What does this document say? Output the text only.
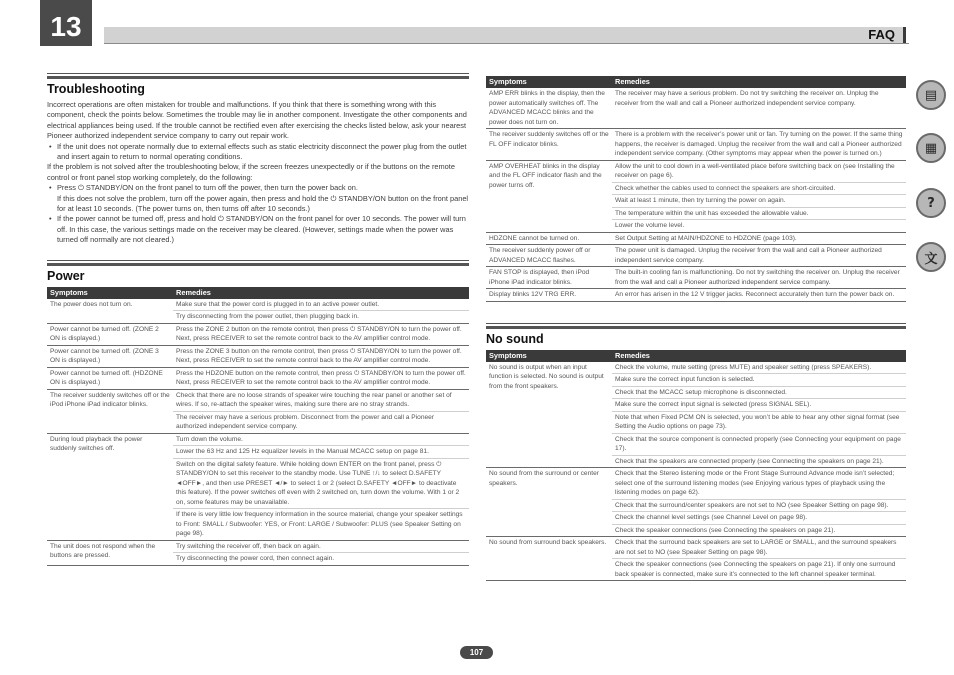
13	FAQ
Troubleshooting
Incorrect operations are often mistaken for trouble and malfunctions. If you think that there is something wrong with this component, check the points below. Sometimes the trouble may lie in another component. Investigate the other components and electrical appliances being used. If the trouble cannot be rectified even after exercising the checks listed below, ask your nearest Pioneer authorized independent service company to carry out repair work.
• If the unit does not operate normally due to external effects such as static electricity disconnect the power plug from the outlet and insert again to return to normal operating conditions.
If the problem is not solved after the troubleshooting below, if the screen freezes unexpectedly or if the buttons on the remote control or front panel stop working completely, do the following:
• Press ⏻ STANDBY/ON on the front panel to turn off the power, then turn the power back on.
If this does not solve the problem, turn off the power again, then press and hold the ⏻ STANDBY/ON button on the front panel for at least 10 seconds. (The power turns on, then turns off after 10 seconds.)
• If the power cannot be turned off, press and hold ⏻ STANDBY/ON on the front panel for over 10 seconds. The power will turn off. In this case, the various settings made on the receiver may be cleared. (However, settings made when the power was turned off normally are not cleared.)
Power
Symptoms	Remedies
The power does not turn on.	Make sure that the power cord is plugged in to an active power outlet.
	Try disconnecting from the power outlet, then plugging back in.
Power cannot be turned off. (ZONE 2 ON is displayed.)	Press the ZONE 2 button on the remote control, then press ⏻ STANDBY/ON to turn the power off. Next, press RECEIVER to set the remote control back to the AV amplifier control mode.
Power cannot be turned off. (ZONE 3 ON is displayed.)	Press the ZONE 3 button on the remote control, then press ⏻ STANDBY/ON to turn the power off. Next, press RECEIVER to set the remote control back to the AV amplifier control mode.
Power cannot be turned off. (HDZONE ON is displayed.)	Press the HDZONE button on the remote control, then press ⏻ STANDBY/ON to turn the power off. Next, press RECEIVER to set the remote control back to the AV amplifier control mode.
The receiver suddenly switches off or the iPod iPhone iPad indicator blinks.	Check that there are no loose strands of speaker wire touching the rear panel or another set of wires. If so, re-attach the speaker wires, making sure there are no stray strands.
	The receiver may have a serious problem. Disconnect from the power and call a Pioneer authorized independent service company.
During loud playback the power suddenly switches off.	Turn down the volume.
	Lower the 63 Hz and 125 Hz equalizer levels in the Manual MCACC setup on page 81.
	Switch on the digital safety feature. While holding down ENTER on the front panel, press ⏻ STANDBY/ON to set this receiver to the standby mode. Use TUNE ↑/↓ to select D.SAFETY ◄OFF►, and then use PRESET ◄/► to select 1 or 2 (select D.SAFETY ◄OFF► to deactivate this feature). If the power switches off even with 2 switched on, turn down the volume. With 1 or 2 on, some features may be unavailable.
	If there is very little low frequency information in the source material, change your speaker settings to Front: SMALL / Subwoofer: YES, or Front: LARGE / Subwoofer: PLUS (see Speaker Setting on page 98).
The unit does not respond when the buttons are pressed.	Try switching the receiver off, then back on again.
	Try disconnecting the power cord, then connect again.
Symptoms	Remedies
AMP ERR blinks in the display, then the power automatically switches off. The ADVANCED MCACC blinks and the power does not turn on.	The receiver may have a serious problem. Do not try switching the receiver on. Unplug the receiver from the wall and call a Pioneer authorized independent service company.
The receiver suddenly switches off or the FL OFF indicator blinks.	There is a problem with the receiver’s power unit or fan. Try turning on the power. If the same thing happens, the receiver is damaged. Unplug the receiver from the wall and call a Pioneer authorized independent service company. (Other symptoms may appear when the power is turned on.)
AMP OVERHEAT blinks in the display and the FL OFF indicator flash and the power turns off.	Allow the unit to cool down in a well-ventilated place before switching back on (see Installing the receiver on page 6).
	Check whether the cables used to connect the speakers are short-circuited.
	Wait at least 1 minute, then try turning the power on again.
	The temperature within the unit has exceeded the allowable value.
	Lower the volume level.
HDZONE cannot be turned on.	Set Output Setting at MAIN/HDZONE to HDZONE (page 103).
The receiver suddenly power off or ADVANCED MCACC flashes.	The power unit is damaged. Unplug the receiver from the wall and call a Pioneer authorized independent service company.
FAN STOP is displayed, then iPod iPhone iPad indicator blinks.	The built-in cooling fan is malfunctioning. Do not try switching the receiver on. Unplug the receiver from the wall and call a Pioneer authorized independent service company.
Display blinks 12V TRG ERR.	An error has arisen in the 12 V trigger jacks. Reconnect accurately then turn the power back on.
No sound
Symptoms	Remedies
No sound is output when an input function is selected. No sound is output from the front speakers.	Check the volume, mute setting (press MUTE) and speaker setting (press SPEAKERS).
	Make sure the correct input function is selected.
	Check that the MCACC setup microphone is disconnected.
	Make sure the correct input signal is selected (press SIGNAL SEL).
	Note that when Fixed PCM ON is selected, you won’t be able to hear any other signal format (see Setting the Audio options on page 73).
	Check that the source component is connected properly (see Connecting your equipment on page 17).
	Check that the speakers are connected properly (see Connecting the speakers on page 21).
No sound from the surround or center speakers.	Check that the Stereo listening mode or the Front Stage Surround Advance mode isn’t selected; select one of the surround listening modes (see Enjoying various types of playback using the listening modes on page 62).
	Check that the surround/center speakers are not set to NO (see Speaker Setting on page 98).
	Check the channel level settings (see Channel Level on page 98).
	Check the speaker connections (see Connecting the speakers on page 21).
No sound from surround back speakers.	Check that the surround back speakers are set to LARGE or SMALL, and the surround speakers are not set to NO (see Speaker Setting on page 98).
	Check the speaker connections (see Connecting the speakers on page 21). If only one surround back speaker is connected, make sure it’s connected to the left channel speaker terminal.
107
▤
▦
?
文
